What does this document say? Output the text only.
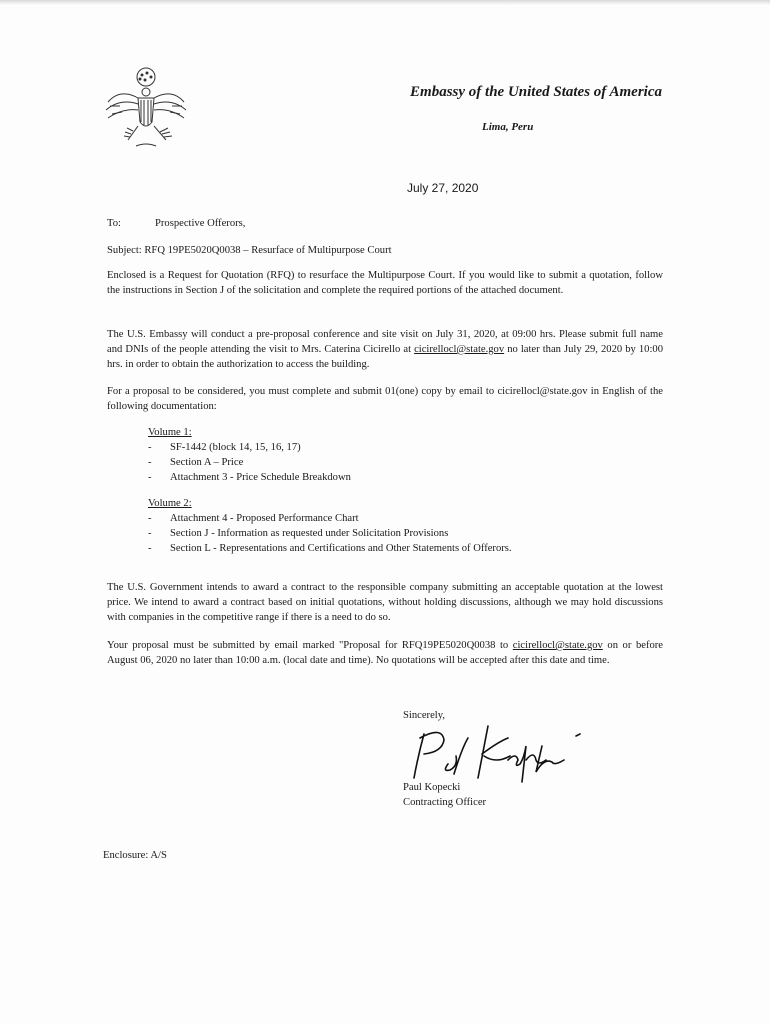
Embassy of the United States of America
Lima, Peru
July 27, 2020
To:	Prospective Offerors,
Subject: RFQ 19PE5020Q0038 – Resurface of Multipurpose Court
Enclosed is a Request for Quotation (RFQ) to resurface the Multipurpose Court. If you would like to submit a quotation, follow the instructions in Section J of the solicitation and complete the required portions of the attached document.
The U.S. Embassy will conduct a pre-proposal conference and site visit on July 31, 2020, at 09:00 hrs. Please submit full name and DNIs of the people attending the visit to Mrs. Caterina Cicirello at cicirellocl@state.gov no later than July 29, 2020 by 10:00 hrs. in order to obtain the authorization to access the building.
For a proposal to be considered, you must complete and submit 01(one) copy by email to cicirellocl@state.gov in English of the following documentation:
Volume 1:
- SF-1442 (block 14, 15, 16, 17)
- Section A – Price
- Attachment 3 - Price Schedule Breakdown
Volume 2:
- Attachment 4 - Proposed Performance Chart
- Section J - Information as requested under Solicitation Provisions
- Section L - Representations and Certifications and Other Statements of Offerors.
The U.S. Government intends to award a contract to the responsible company submitting an acceptable quotation at the lowest price. We intend to award a contract based on initial quotations, without holding discussions, although we may hold discussions with companies in the competitive range if there is a need to do so.
Your proposal must be submitted by email marked "Proposal for RFQ19PE5020Q0038 to cicirellocl@state.gov on or before August 06, 2020 no later than 10:00 a.m. (local date and time). No quotations will be accepted after this date and time.
Sincerely,
Paul Kopecki
Contracting Officer
Enclosure: A/S
